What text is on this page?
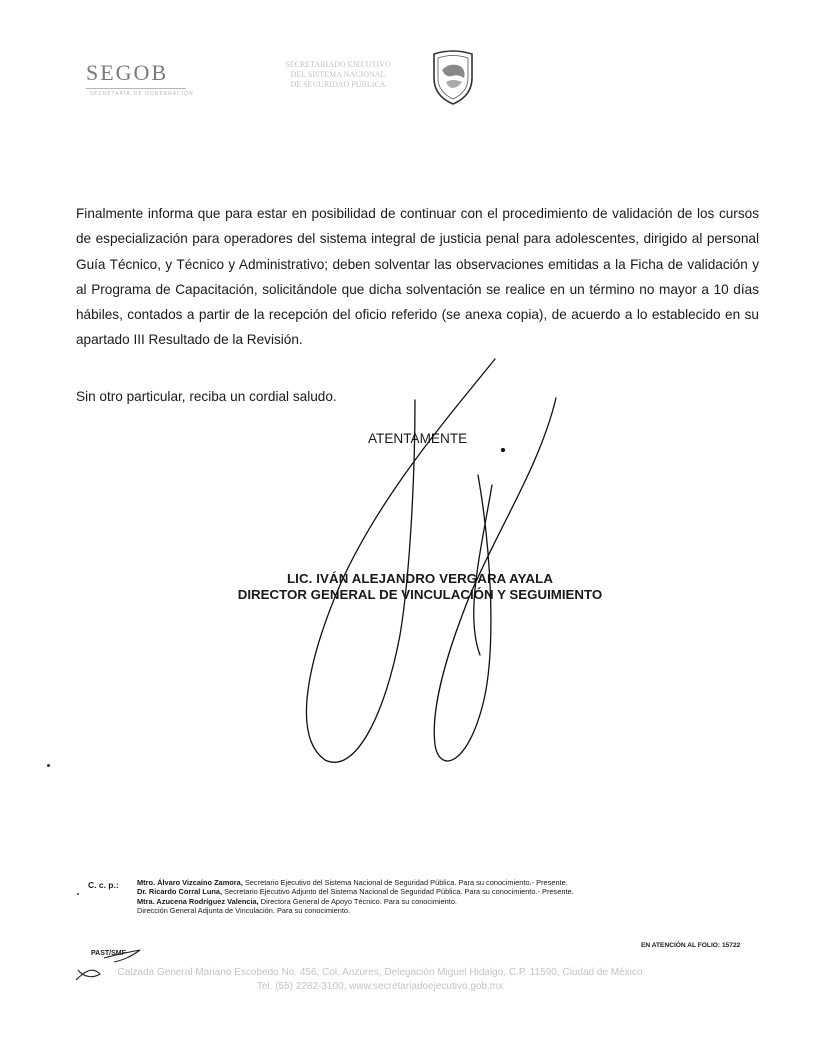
SEGOB
SECRETARÍA DE GOBERNACIÓN
SECRETARIADO EJECUTIVO
DEL SISTEMA NACIONAL
DE SEGURIDAD PÚBLICA
Finalmente informa que para estar en posibilidad de continuar con el procedimiento de validación de los cursos de especialización para operadores del sistema integral de justicia penal para adolescentes, dirigido al personal Guía Técnico, y Técnico y Administrativo; deben solventar las observaciones emitidas a la Ficha de validación y al Programa de Capacitación, solicitándole que dicha solventación se realice en un término no mayor a 10 días hábiles, contados a partir de la recepción del oficio referido (se anexa copia), de acuerdo a lo establecido en su apartado III Resultado de la Revisión.
Sin otro particular, reciba un cordial saludo.
ATENTAMENTE
LIC. IVÁN ALEJANDRO VERGARA AYALA
DIRECTOR GENERAL DE VINCULACIÓN Y SEGUIMIENTO
C. c. p.: Mtro. Álvaro Vizcaíno Zamora, Secretario Ejecutivo del Sistema Nacional de Seguridad Pública. Para su conocimiento.- Presente.
Dr. Ricardo Corral Luna, Secretario Ejecutivo Adjunto del Sistema Nacional de Seguridad Pública. Para su conocimiento.- Presente.
Mtra. Azucena Rodríguez Valencia, Directora General de Apoyo Técnico. Para su conocimiento.
Dirección General Adjunta de Vinculación. Para su conocimiento.
EN ATENCIÓN AL FOLIO: 15722
PAST/SMF
Calzada General Mariano Escobedo No. 456, Col. Anzures, Delegación Miguel Hidalgo, C.P. 11590, Ciudad de México
Tel. (55) 2282-3100, www.secretariadoejecutivo.gob.mx
